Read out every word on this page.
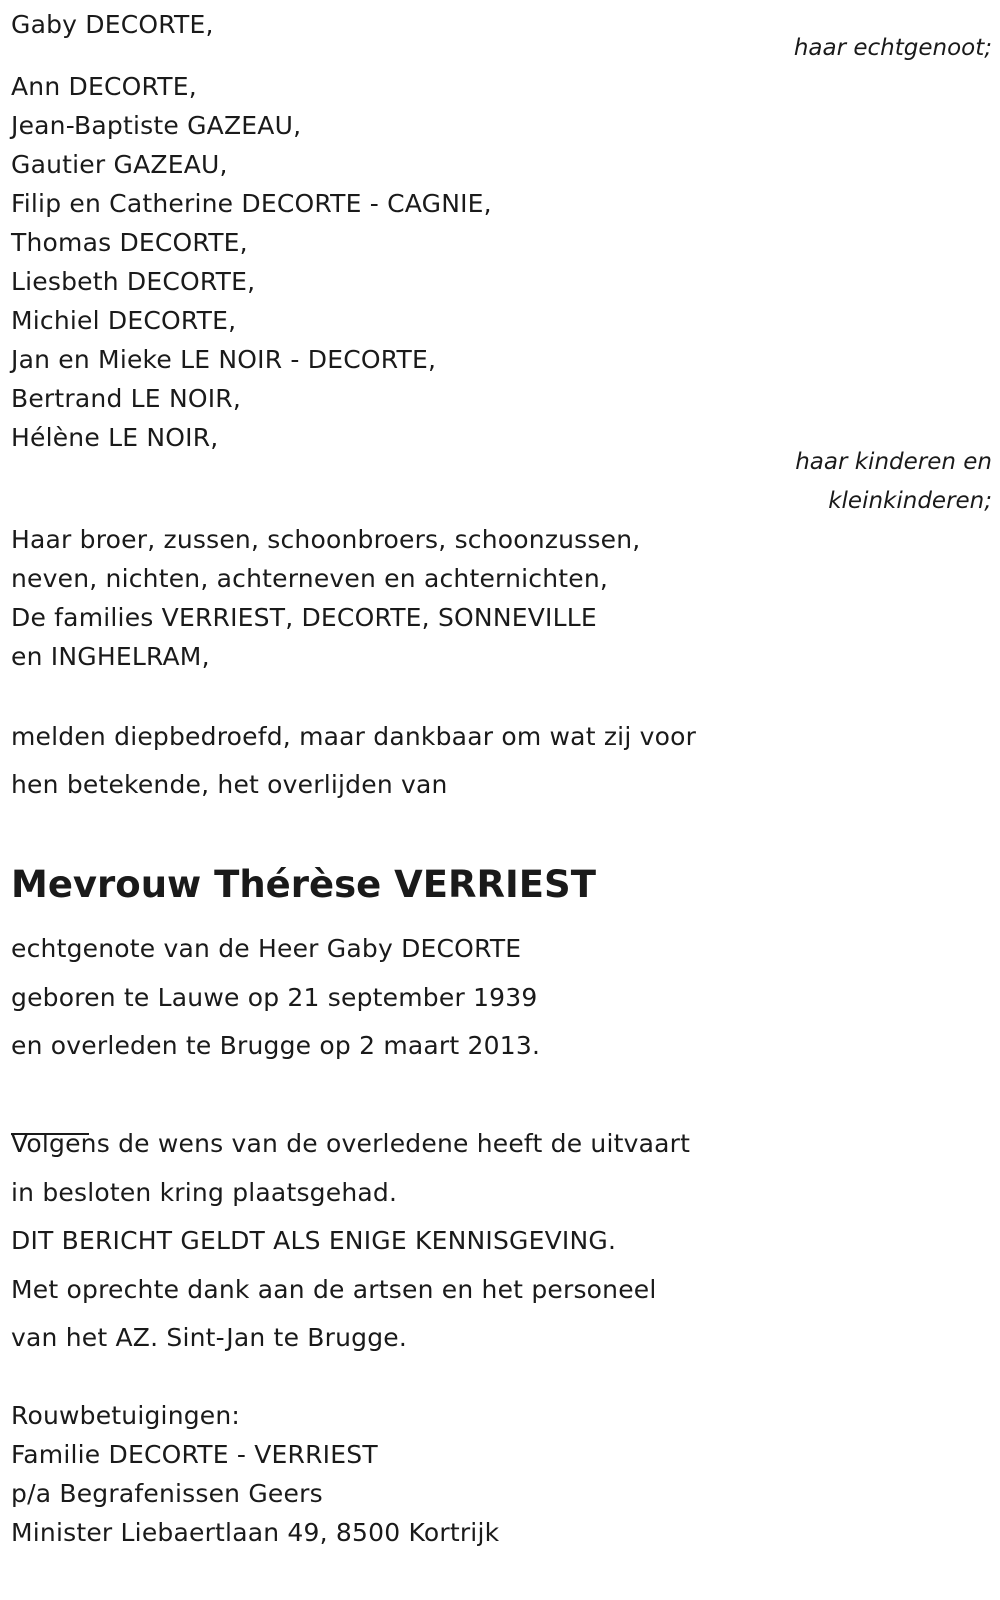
Gaby DECORTE,
haar echtgenoot;
Ann DECORTE,
Jean-Baptiste GAZEAU,
Gautier GAZEAU,
Filip en Catherine DECORTE - CAGNIE,
Thomas DECORTE,
Liesbeth DECORTE,
Michiel DECORTE,
Jan en Mieke LE NOIR - DECORTE,
Bertrand LE NOIR,
Hélène LE NOIR,
haar kinderen en
kleinkinderen;
Haar broer, zussen, schoonbroers, schoonzussen,
neven, nichten, achterneven en achternichten,
De families VERRIEST, DECORTE, SONNEVILLE
en INGHELRAM,
melden diepbedroefd, maar dankbaar om wat zij voor
hen betekende, het overlijden van
Mevrouw Thérèse VERRIEST
echtgenote van de Heer Gaby DECORTE
geboren te Lauwe op 21 september 1939
en overleden te Brugge op 2 maart 2013.
Volgens de wens van de overledene heeft de uitvaart
in besloten kring plaatsgehad.
DIT BERICHT GELDT ALS ENIGE KENNISGEVING.
Met oprechte dank aan de artsen en het personeel
van het AZ. Sint-Jan te Brugge.
Rouwbetuigingen:
Familie DECORTE - VERRIEST
p/a Begrafenissen Geers
Minister Liebaertlaan 49, 8500 Kortrijk
